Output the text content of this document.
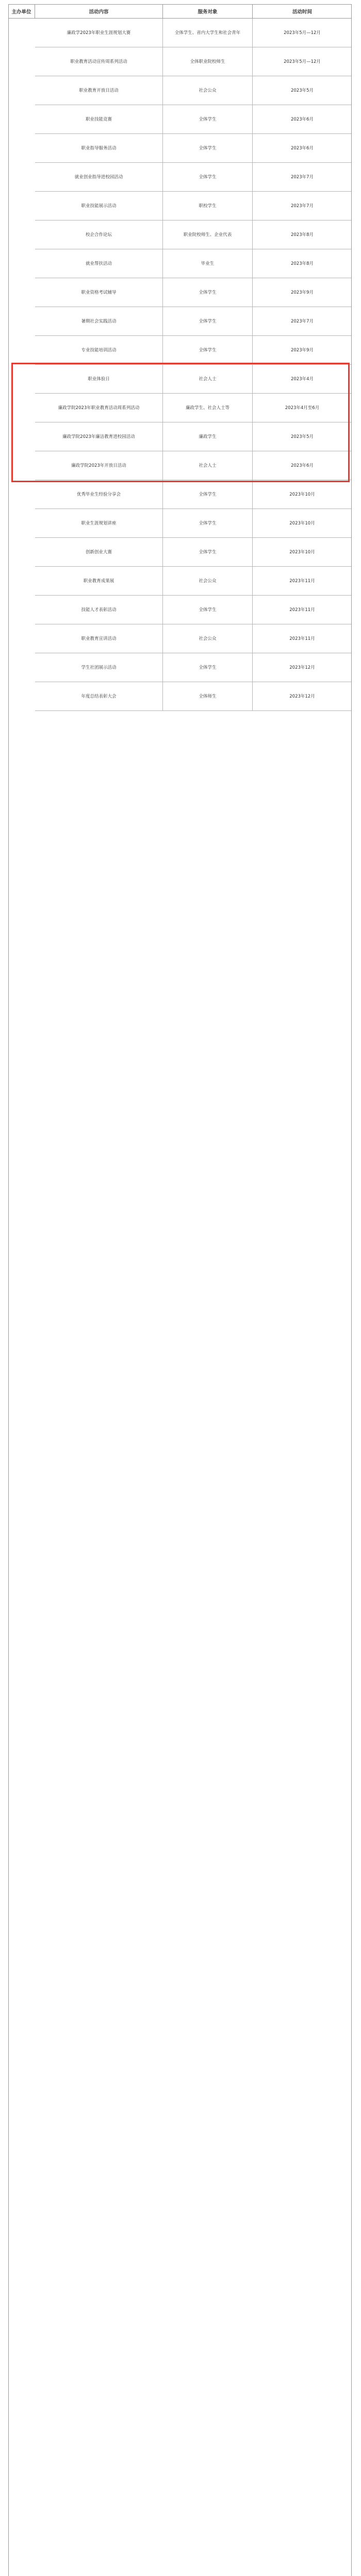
主办单位	活动内容	服务对象	活动时间
廉政学2023年职业生涯规划大赛	全体学生、省内大学生和社会青年	2023年5月—12月
职业教育活动宣传周系列活动	全体职业院校师生	2023年5月—12月
职业教育开放日活动	社会公众	2023年5月
职业技能竞赛	全体学生	2023年6月
职业指导服务活动	全体学生	2023年6月
就业创业指导进校园活动	全体学生	2023年7月
职业技能展示活动	职校学生	2023年7月
校企合作论坛	职业院校师生、企业代表	2023年8月
就业帮扶活动	毕业生	2023年8月
职业资格考试辅导	全体学生	2023年9月
暑期社会实践活动	全体学生	2023年7月
专业技能培训活动	全体学生	2023年9月
职业体验日	社会人士	2023年4月
廉政学院2023年职业教育活动周系列活动	廉政学生、社会人士等	2023年4月至6月
廉政学院2023年廉洁教育进校园活动	廉政学生	2023年5月
廉政学院2023年开放日活动	社会人士	2023年6月
优秀毕业生经验分享会	全体学生	2023年10月
职业生涯规划讲座	全体学生	2023年10月
创新创业大赛	全体学生	2023年10月
职业教育成果展	社会公众	2023年11月
技能人才表彰活动	全体学生	2023年11月
职业教育宣讲活动	社会公众	2023年11月
学生社团展示活动	全体学生	2023年12月
年度总结表彰大会	全体师生	2023年12月
